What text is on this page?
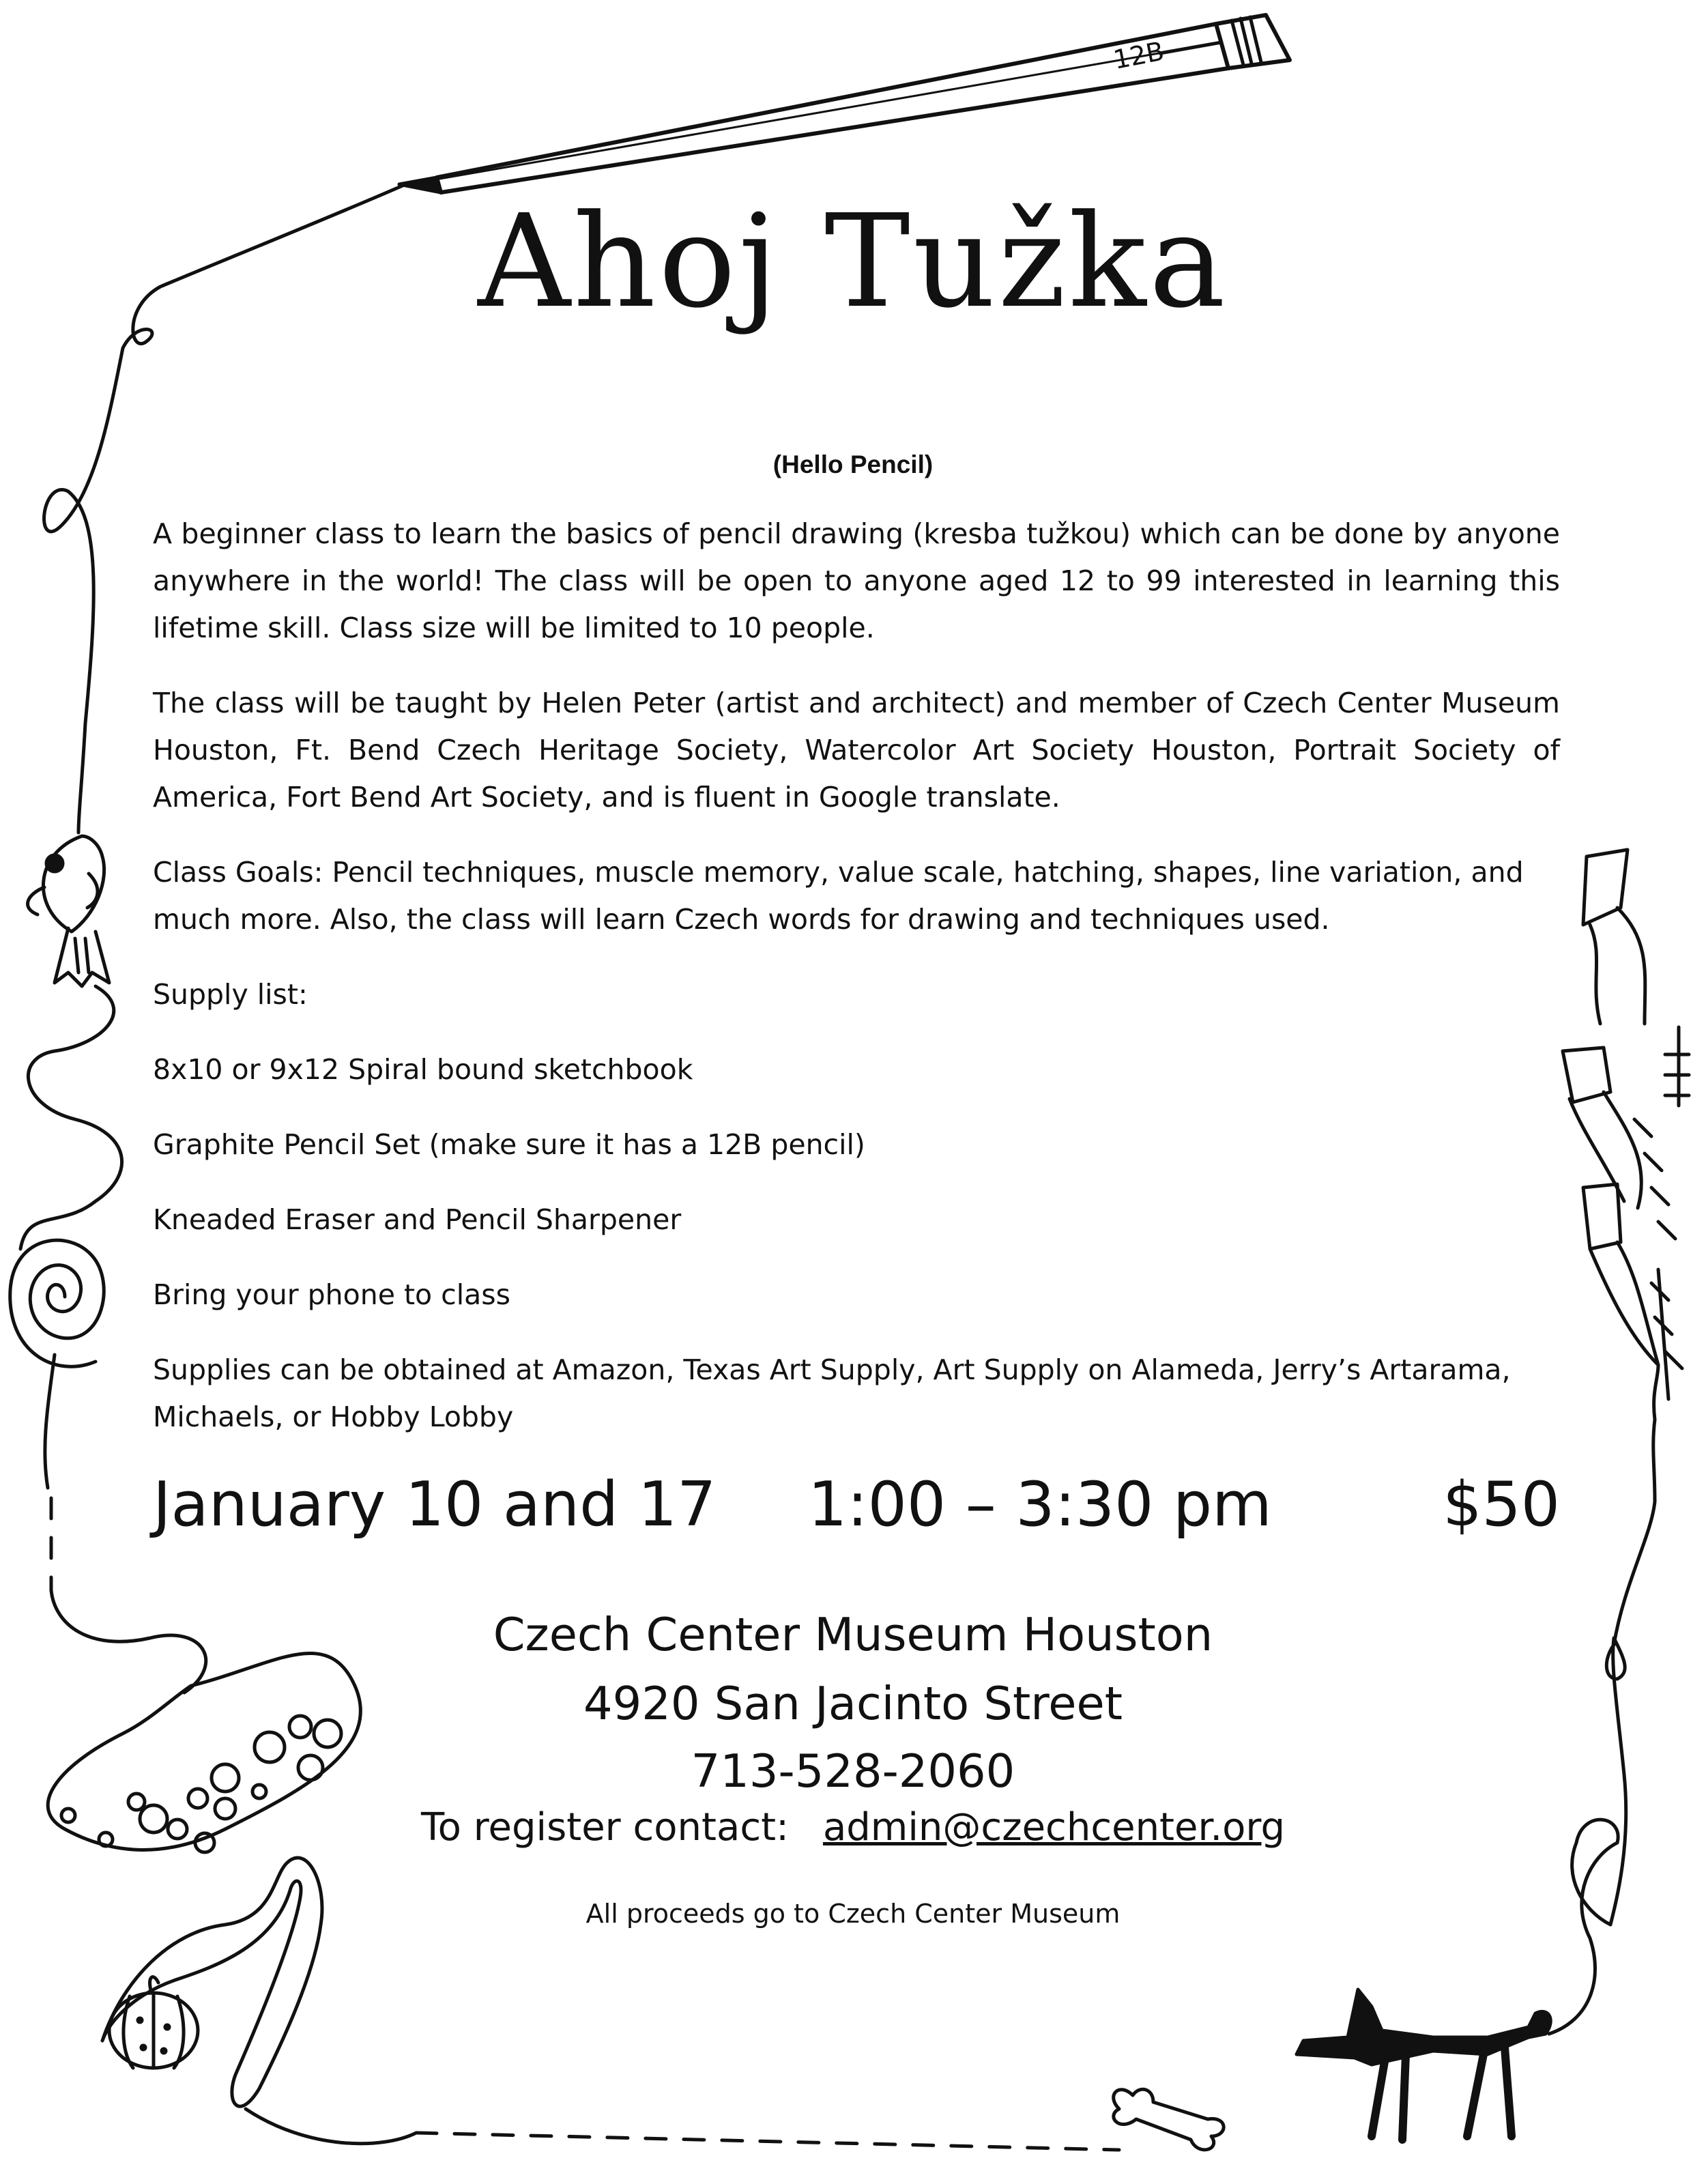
12B
Ahoj Tužka
(Hello Pencil)

A beginner class to learn the basics of pencil drawing (kresba tužkou) which can be done by anyone anywhere in the world! The class will be open to anyone aged 12 to 99 interested in learning this lifetime skill. Class size will be limited to 10 people.

The class will be taught by Helen Peter (artist and architect) and member of Czech Center Museum Houston, Ft. Bend Czech Heritage Society, Watercolor Art Society Houston, Portrait Society of America, Fort Bend Art Society, and is fluent in Google translate.

Class Goals: Pencil techniques, muscle memory, value scale, hatching, shapes, line variation, and much more. Also, the class will learn Czech words for drawing and techniques used.

Supply list:

8x10 or 9x12 Spiral bound sketchbook

Graphite Pencil Set (make sure it has a 12B pencil)

Kneaded Eraser and Pencil Sharpener

Bring your phone to class

Supplies can be obtained at Amazon, Texas Art Supply, Art Supply on Alameda, Jerry’s Artarama, Michaels, or Hobby Lobby

January 10 and 17 1:00 – 3:30 pm	$50
Czech Center Museum Houston
4920 San Jacinto Street
713-528-2060
To register contact: admin@czechcenter.org
All proceeds go to Czech Center Museum
